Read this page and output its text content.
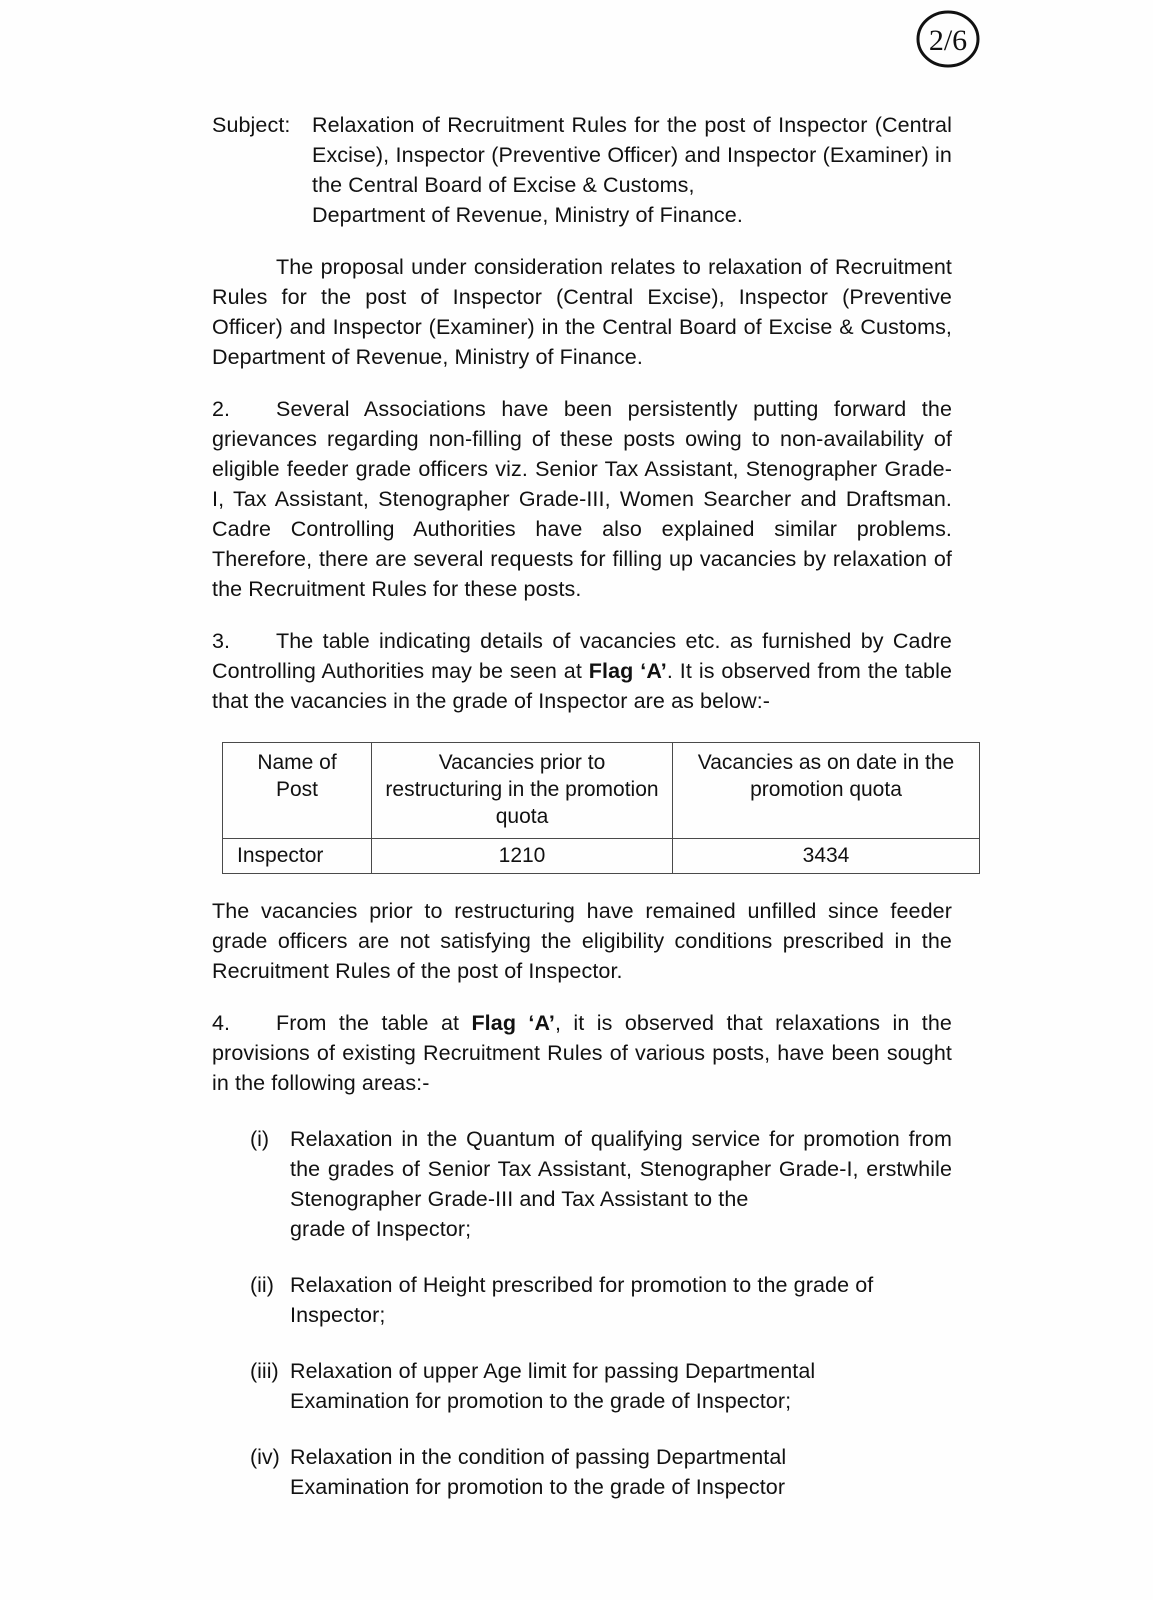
2/6
Subject:	Relaxation of Recruitment Rules for the post of Inspector (Central Excise), Inspector (Preventive Officer) and Inspector (Examiner) in the Central Board of Excise & Customs,
Department of Revenue, Ministry of Finance.

The proposal under consideration relates to relaxation of Recruitment Rules for the post of Inspector (Central Excise), Inspector (Preventive Officer) and Inspector (Examiner) in the Central Board of Excise & Customs, Department of Revenue, Ministry of Finance.

2. Several Associations have been persistently putting forward the grievances regarding non-filling of these posts owing to non-availability of eligible feeder grade officers viz. Senior Tax Assistant, Stenographer Grade-I, Tax Assistant, Stenographer Grade-III, Women Searcher and Draftsman. Cadre Controlling Authorities have also explained similar problems. Therefore, there are several requests for filling up vacancies by relaxation of the Recruitment Rules for these posts.

3. The table indicating details of vacancies etc. as furnished by Cadre Controlling Authorities may be seen at Flag ‘A’. It is observed from the table that the vacancies in the grade of Inspector are as below:-

Name of
Post	Vacancies prior to restructuring in the promotion quota	Vacancies as on date in the promotion quota
Inspector	1210	3434

The vacancies prior to restructuring have remained unfilled since feeder grade officers are not satisfying the eligibility conditions prescribed in the Recruitment Rules of the post of Inspector.

4. From the table at Flag ‘A’, it is observed that relaxations in the provisions of existing Recruitment Rules of various posts, have been sought in the following areas:-

(i) Relaxation in the Quantum of qualifying service for promotion from the grades of Senior Tax Assistant, Stenographer Grade-I, erstwhile Stenographer Grade-III and Tax Assistant to the
grade of Inspector;
(ii) Relaxation of Height prescribed for promotion to the grade of
Inspector;
(iii) Relaxation of upper Age limit for passing Departmental
Examination for promotion to the grade of Inspector;
(iv) Relaxation in the condition of passing Departmental
Examination for promotion to the grade of Inspector
